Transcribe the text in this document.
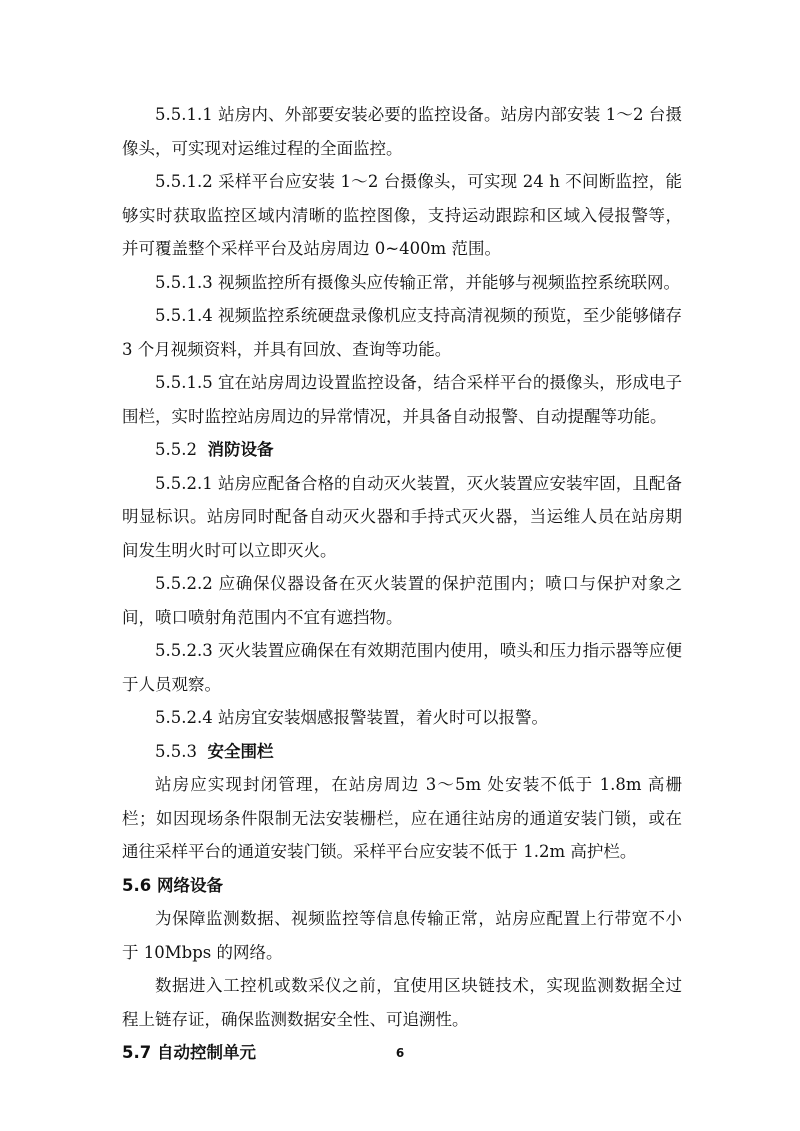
5.5.1.1 站房内、外部要安装必要的监控设备。站房内部安装 1～2 台摄像头，可实现对运维过程的全面监控。

5.5.1.2 采样平台应安装 1～2 台摄像头，可实现 24 h 不间断监控，能够实时获取监控区域内清晰的监控图像，支持运动跟踪和区域入侵报警等，并可覆盖整个采样平台及站房周边 0~400m 范围。

5.5.1.3 视频监控所有摄像头应传输正常，并能够与视频监控系统联网。

5.5.1.4 视频监控系统硬盘录像机应支持高清视频的预览，至少能够储存 3 个月视频资料，并具有回放、查询等功能。

5.5.1.5 宜在站房周边设置监控设备，结合采样平台的摄像头，形成电子围栏，实时监控站房周边的异常情况，并具备自动报警、自动提醒等功能。

5.5.2 消防设备

5.5.2.1 站房应配备合格的自动灭火装置，灭火装置应安装牢固，且配备明显标识。站房同时配备自动灭火器和手持式灭火器，当运维人员在站房期间发生明火时可以立即灭火。

5.5.2.2 应确保仪器设备在灭火装置的保护范围内；喷口与保护对象之间，喷口喷射角范围内不宜有遮挡物。

5.5.2.3 灭火装置应确保在有效期范围内使用，喷头和压力指示器等应便于人员观察。

5.5.2.4 站房宜安装烟感报警装置，着火时可以报警。

5.5.3 安全围栏

站房应实现封闭管理，在站房周边 3～5m 处安装不低于 1.8m 高栅栏；如因现场条件限制无法安装栅栏，应在通往站房的通道安装门锁，或在通往采样平台的通道安装门锁。采样平台应安装不低于 1.2m 高护栏。

5.6 网络设备

为保障监测数据、视频监控等信息传输正常，站房应配置上行带宽不小于 10Mbps 的网络。

数据进入工控机或数采仪之前，宜使用区块链技术，实现监测数据全过程上链存证，确保监测数据安全性、可追溯性。

5.7 自动控制单元	6
